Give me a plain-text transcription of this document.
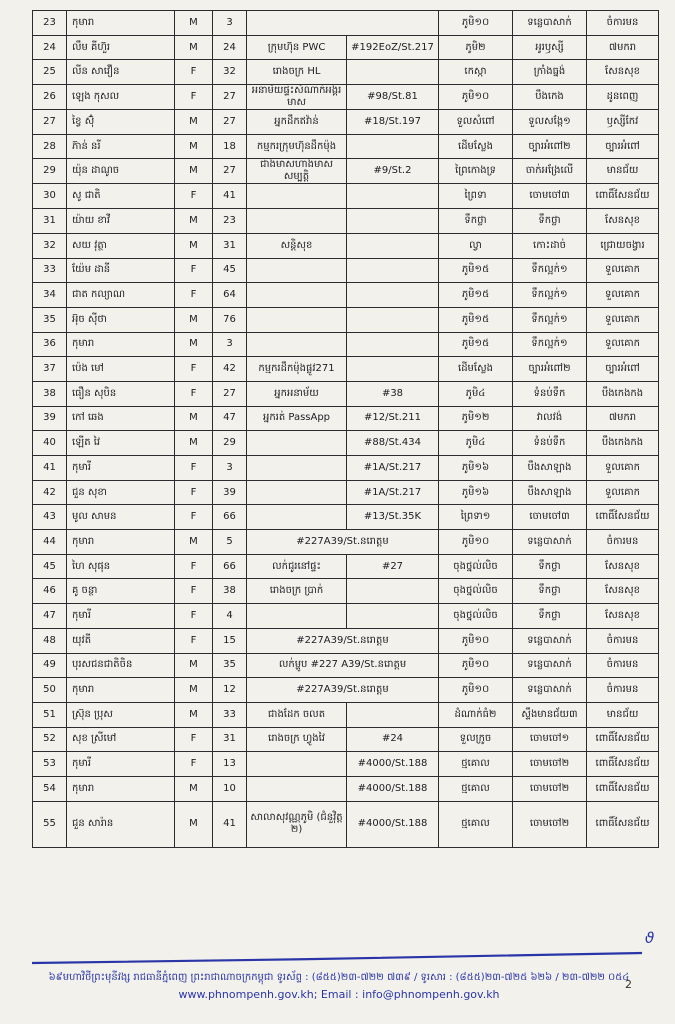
23	កុមារា	M	3			ភូមិ១០	ទន្លេបាសាក់	ចំការមន
24	លឹម គីហ៊ួរ	M	24	ក្រុមហ៊ុន PWC	#192EoZ/St.217	ភូមិ២	អូរឫស្សី	៧មករា
25	លីន សាវឿន	F	32	រោងចក្រ HL		កេស្កា	ក្រាំងធ្នង់	សែនសុខ
26	ឡេង កុសល	F	27	អនាម័យផ្ទះសំណាក់អង្គរមាស	#98/St.81	ភូមិ១០	បឹងកេង	ដូនពេញ
27	ខ្វៃ ស៊ុំ	M	27	អ្នកដឹកឥវ៉ាន់	#18/St.197	ទួលសំពៅ	ទួលសង្កែ១	ឫស្សីកែវ
28	ភ៊ាន់ នរី	M	18	កម្មករក្រុមហ៊ុនដឹកម៉ុង		ដើមស្លែង	ច្បារអំពៅ២	ច្បារអំពៅ
29	យ៉ុន ដាណូច	M	27	ជាងមាសហាងមាសសម្បត្តិ	#9/St.2	ព្រៃកោងទ្រ	ចាក់អង្រែលើ	មានជ័យ
30	សូ ជាតិ	F	41			ព្រៃទា	ចោមចៅ៣	ពោធិ៍សែនជ័យ
31	យ៉ាយ ខាវី	M	23			ទឹកថ្លា	ទឹកថ្លា	សែនសុខ
32	សយ វុត្ថា	M	31	សន្តិសុខ		ល្វា	កោះដាច់	ជ្រោយចង្វារ
33	យ៉ែម ដានី	F	45			ភូមិ១៥	ទឹកល្អក់១	ទួលគោក
34	ជាត កល្យាណ	F	64			ភូមិ១៥	ទឹកល្អក់១	ទួលគោក
35	អ៊ុច ស៊ីថា	M	76			ភូមិ១៥	ទឹកល្អក់១	ទួលគោក
36	កុមារា	M	3			ភូមិ១៥	ទឹកល្អក់១	ទួលគោក
37	ប៉េង មៅ	F	42	កម្មករដឹកម៉ុងផ្លូវ271		ដើមស្លែង	ច្បារអំពៅ២	ច្បារអំពៅ
38	ធឿន សុបិន	F	27	អ្នកអនាម័យ	#38	ភូមិ៤	ទំនប់ទឹក	បឹងកេងកង
39	កៅ ឆេង	M	47	អ្នករត់ PassApp	#12/St.211	ភូមិ១២	វាលវង់	៧មករា
40	ឡើត វៃ	M	29		#88/St.434	ភូមិ៤	ទំនប់ទឹក	បឹងកេងកង
41	កុមារី	F	3		#1A/St.217	ភូមិ១៦	បឹងសាឡាង	ទួលគោក
42	ជួន សុខា	F	39		#1A/St.217	ភូមិ១៦	បឹងសាឡាង	ទួលគោក
43	មូល សាមន	F	66		#13/St.35K	ព្រៃទា១	ចោមចៅ៣	ពោធិ៍សែនជ័យ
44	កុមារា	M	5	#227A39/St.នរោត្តម		ភូមិ១០	ទន្លេបាសាក់	ចំការមន
45	ហៃ សុផុន	F	66	លក់ជូរនៅផ្ទះ	#27	ចុងថ្នល់លិច	ទឹកថ្លា	សែនសុខ
46	គូ ចន្ថា	F	38	រោងចក្រ ប្រាក់		ចុងថ្នល់លិច	ទឹកថ្លា	សែនសុខ
47	កុមារី	F	4			ចុងថ្នល់លិច	ទឹកថ្លា	សែនសុខ
48	យុវតី	F	15	#227A39/St.នរោត្តម		ភូមិ១០	ទន្លេបាសាក់	ចំការមន
49	បុរសជនជាតិចិន	M	35	លក់ម្ហូប #227 A39/St.នរោត្តម		ភូមិ១០	ទន្លេបាសាក់	ចំការមន
50	កុមារា	M	12	#227A39/St.នរោត្តម		ភូមិ១០	ទន្លេបាសាក់	ចំការមន
51	ស្រ៊ុន ប្រុស	M	33	ជាងដែក ចលត		ដំណាក់ធំ២	ស្ទឹងមានជ័យ៣	មានជ័យ
52	សុខ ស្រីមៅ	F	31	រោងចក្រ ហ្វូងវៃ	#24	ទួលក្រូច	ចោមចៅ១	ពោធិ៍សែនជ័យ
53	កុមារី	F	13		#4000/St.188	ថ្មគោល	ចោមចៅ២	ពោធិ៍សែនជ័យ
54	កុមារា	M	10		#4000/St.188	ថ្មគោល	ចោមចៅ២	ពោធិ៍សែនជ័យ
55	ជួន សារ៉ាន	M	41	សាលាសុវណ្ណភូមិ (ជំនួវ៉ិត្ត ២)	#4000/St.188	ថ្មគោល	ចោមចៅ២	ពោធិ៍សែនជ័យ
ϑ
៦៩មហាវិថីព្រះមុនីវង្ស រាជធានីភ្នំពេញ ព្រះរាជាណាចក្រកម្ពុជា ទូរស័ព្ទ : (៨៥៥)២៣-៧២២ ៧៣៩ / ទូរសារ : (៨៥៥)២៣-៧២៥ ៦២៦ / ២៣-៧២២ ០៥៤
www.phnompenh.gov.kh; Email : info@phnompenh.gov.kh
2
